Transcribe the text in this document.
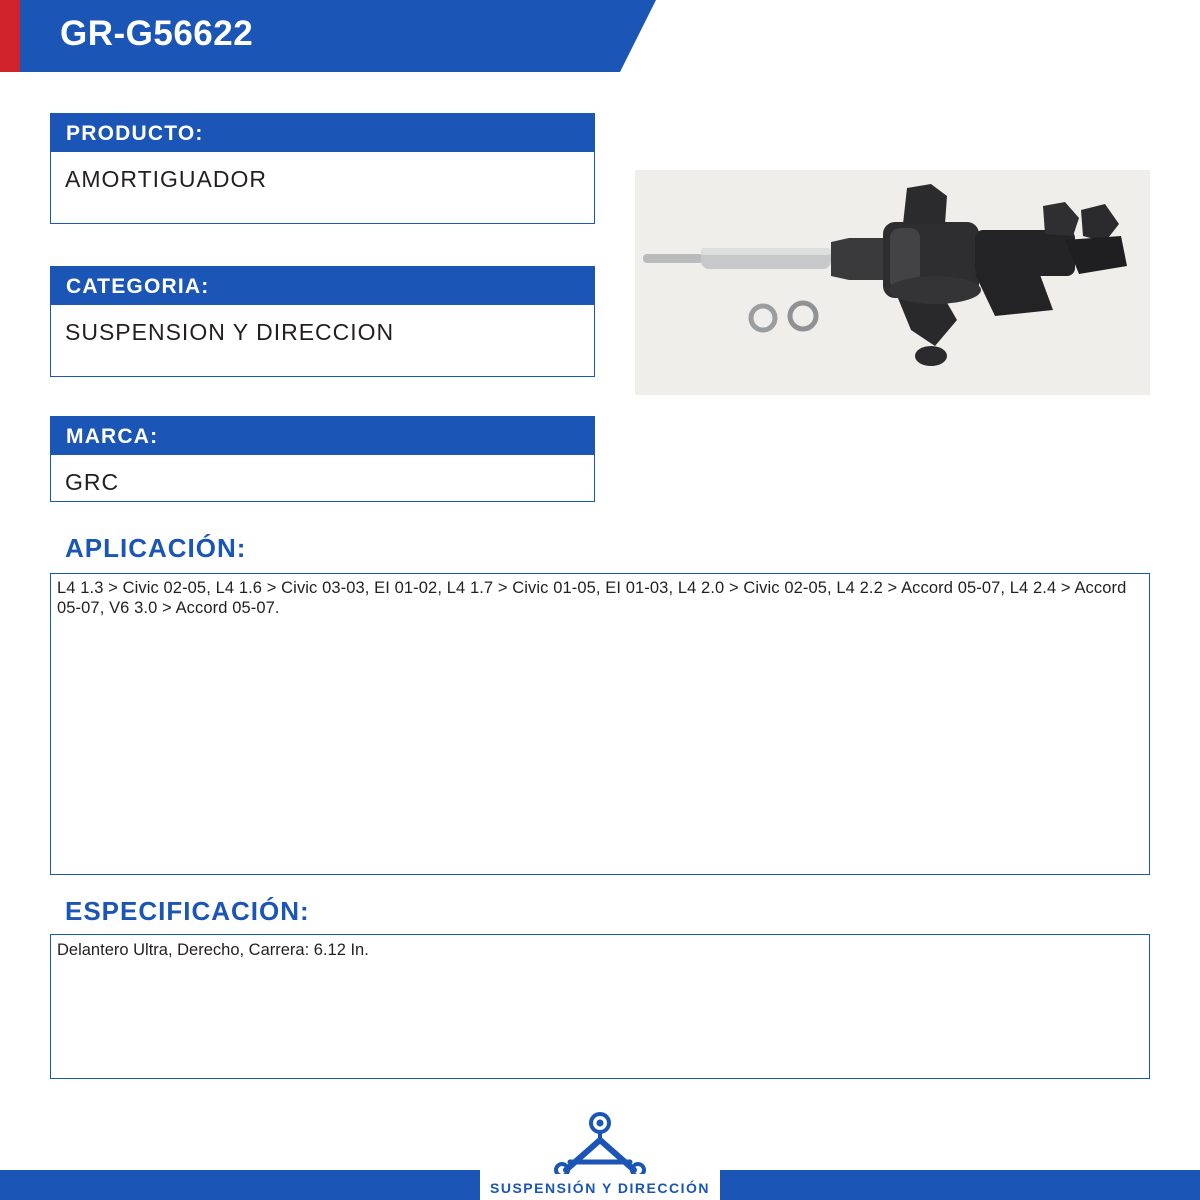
GR-G56622
PRODUCTO:
AMORTIGUADOR
CATEGORIA:
SUSPENSION Y DIRECCION
MARCA:
GRC
APLICACIÓN:
L4 1.3 > Civic 02-05, L4 1.6 > Civic 03-03, EI 01-02, L4 1.7 > Civic 01-05, EI 01-03, L4 2.0 > Civic 02-05, L4 2.2 > Accord 05-07, L4 2.4 > Accord 05-07, V6 3.0 > Accord 05-07.
ESPECIFICACIÓN:
Delantero Ultra, Derecho, Carrera: 6.12 In.
SUSPENSIÓN Y DIRECCIÓN
